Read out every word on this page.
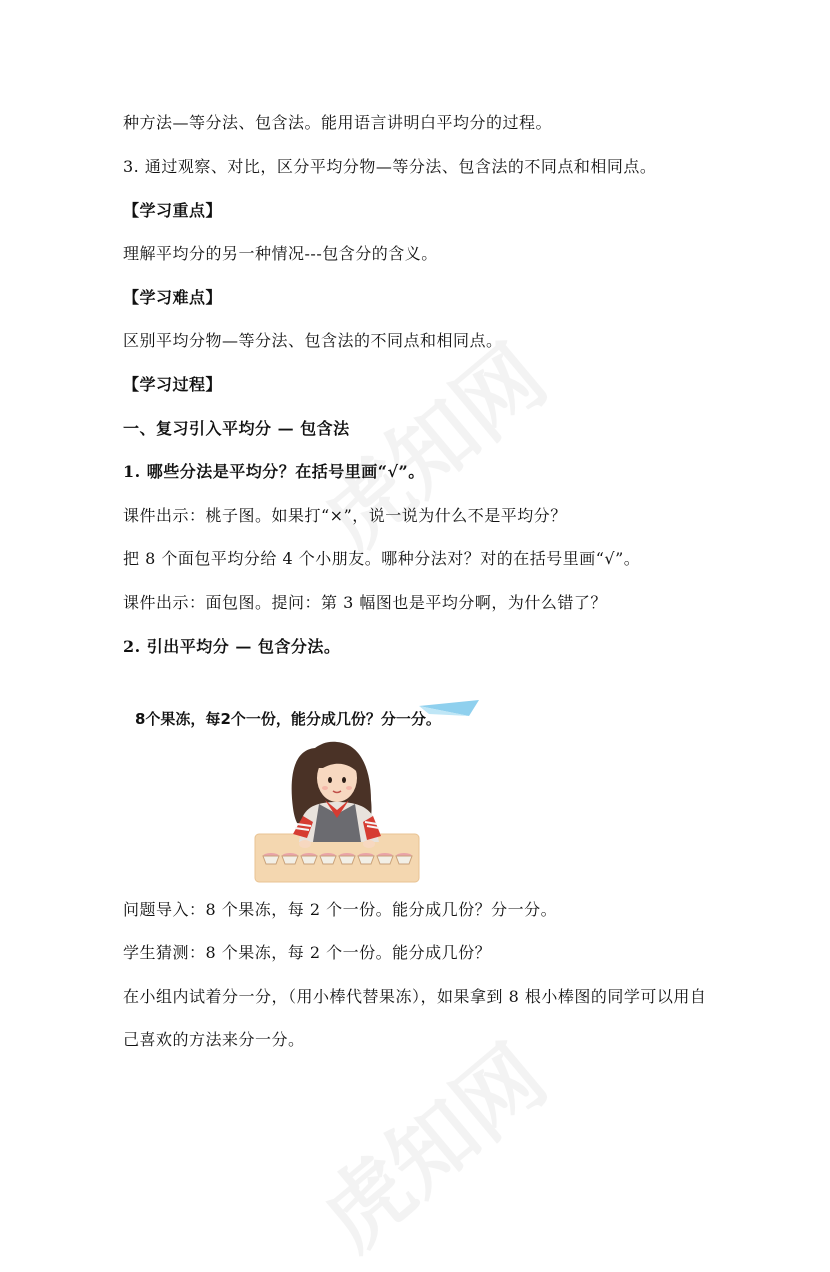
种方法—等分法、包含法。能用语言讲明白平均分的过程。
3. 通过观察、对比，区分平均分物—等分法、包含法的不同点和相同点。
【学习重点】
理解平均分的另一种情况---包含分的含义。
【学习难点】
区别平均分物—等分法、包含法的不同点和相同点。
【学习过程】
一、复习引入平均分 — 包含法
1. 哪些分法是平均分？在括号里画“√”。
课件出示：桃子图。如果打“×”，说一说为什么不是平均分？
把 8 个面包平均分给 4 个小朋友。哪种分法对？对的在括号里画“√”。
课件出示：面包图。提问：第 3 幅图也是平均分啊，为什么错了？
2. 引出平均分 — 包含分法。
8个果冻，每2个一份，能分成几份？分一分。
问题导入：8 个果冻，每 2 个一份。能分成几份？分一分。
学生猜测：8 个果冻，每 2 个一份。能分成几份？
在小组内试着分一分，（用小棒代替果冻），如果拿到 8 根小棒图的同学可以用自
己喜欢的方法来分一分。
